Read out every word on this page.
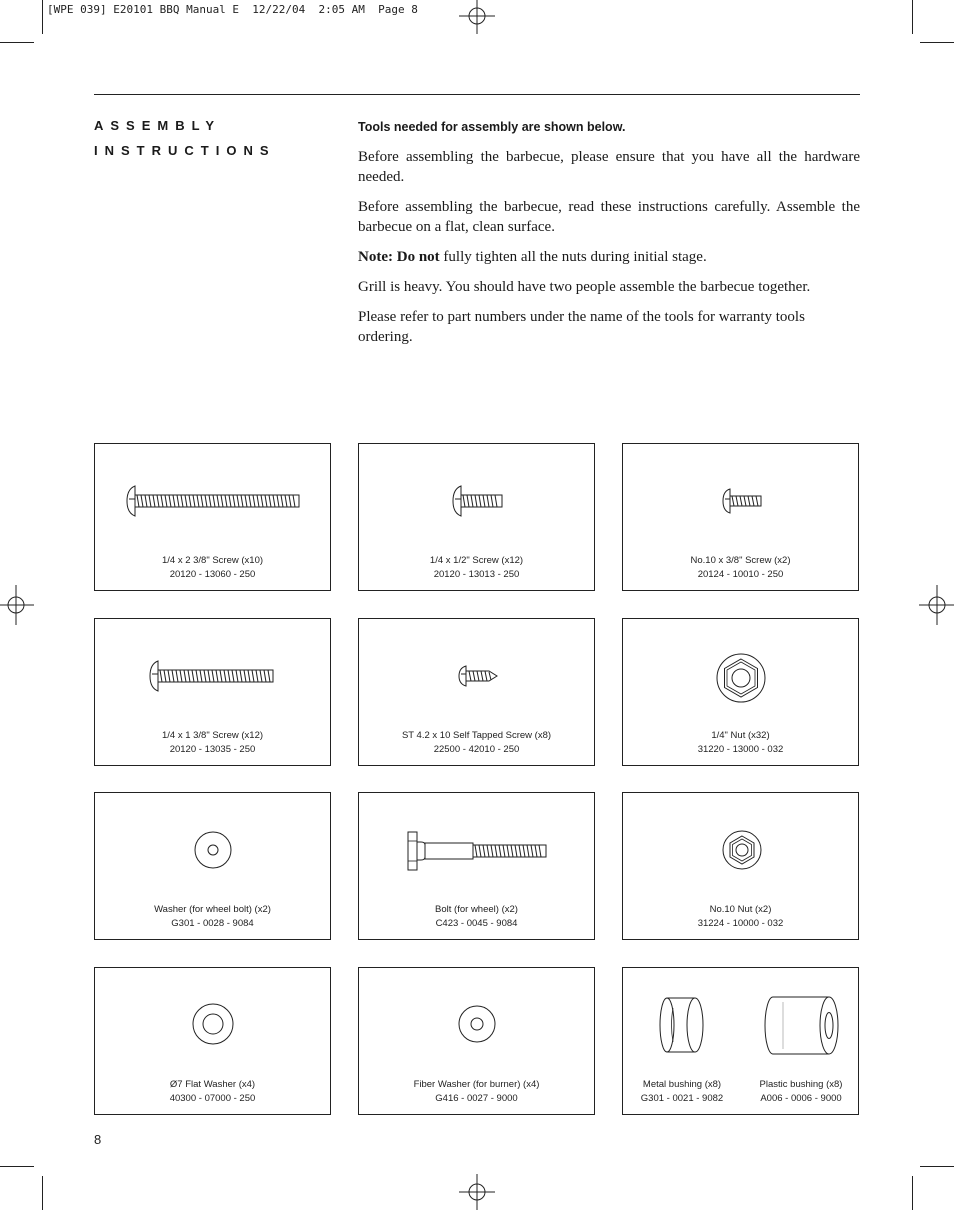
[WPE 039] E20101 BBQ Manual E  12/22/04  2:05 AM  Page 8
ASSEMBLY
INSTRUCTIONS
Tools needed for assembly are shown below.

Before assembling the barbecue, please ensure that you have all the hardware needed.

Before assembling the barbecue, read these instructions carefully. Assemble the barbecue on a flat, clean surface.

Note: Do not fully tighten all the nuts during initial stage.

Grill is heavy. You should have two people assemble the barbecue together.

Please refer to part numbers under the name of the tools for warranty tools ordering.

1/4 x 2 3/8" Screw (x10)
20120 - 13060 - 250
1/4 x 1/2" Screw (x12)
20120 - 13013 - 250
No.10 x 3/8" Screw (x2)
20124 - 10010 - 250
1/4 x 1 3/8" Screw (x12)
20120 - 13035 - 250
ST 4.2 x 10 Self Tapped Screw (x8)
22500 - 42010 - 250
1/4" Nut (x32)
31220 - 13000 - 032
Washer (for wheel bolt) (x2)
G301 - 0028 - 9084
Bolt (for wheel) (x2)
C423 - 0045 - 9084
No.10 Nut (x2)
31224 - 10000 - 032
Ø7 Flat Washer (x4)
40300 - 07000 - 250
Fiber Washer (for burner) (x4)
G416 - 0027 - 9000
Metal bushing (x8)
G301 - 0021 - 9082
Plastic bushing (x8)
A006 - 0006 - 9000
8
